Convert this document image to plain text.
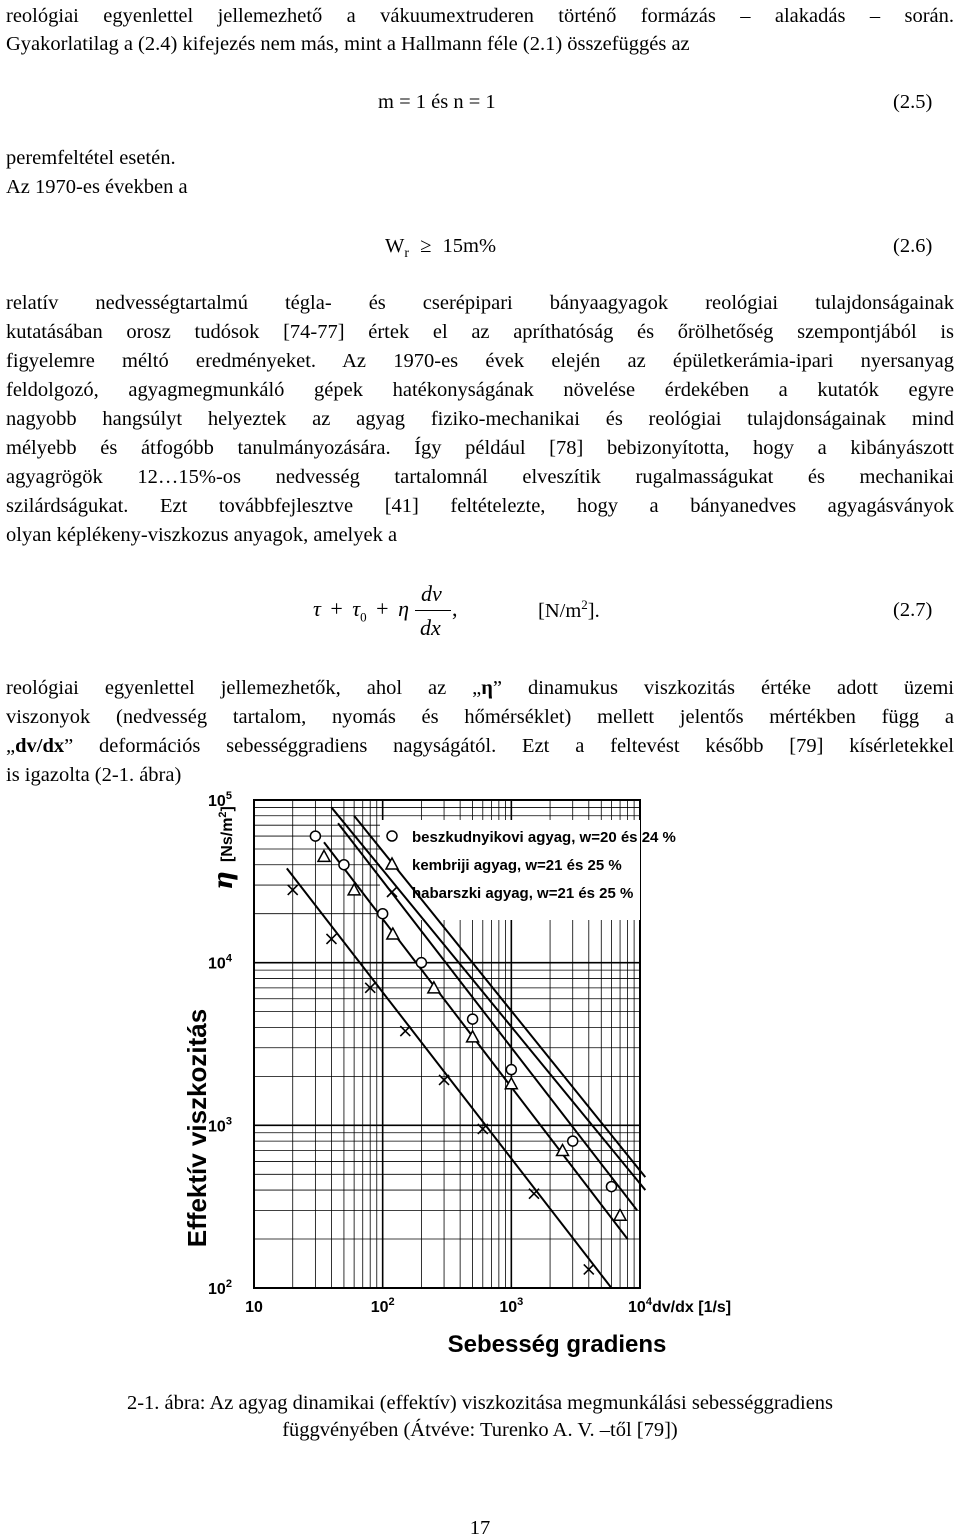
reológiai egyenlettel jellemezhető a vákuumextruderen történő formázás – alakadás – során.
Gyakorlatilag a (2.4) kifejezés nem más, mint a Hallmann féle (2.1) összefüggés az
m = 1 és n = 1	(2.5)
peremfeltétel esetén.
Az 1970-es években a
$W_r \ge 15m\%$	(2.6)
relatív nedvességtartalmú tégla- és cserépipari bányaagyagok reológiai tulajdonságainak
kutatásában orosz tudósok [74-77] értek el az apríthatóság és őrölhetőség szempontjából is
figyelemre méltó eredményeket. Az 1970-es évek elején az épületkerámia-ipari nyersanyag
feldolgozó, agyagmegmunkáló gépek hatékonyságának növelése érdekében a kutatók egyre
nagyobb hangsúlyt helyeztek az agyag fiziko-mechanikai és reológiai tulajdonságainak mind
mélyebb és átfogóbb tanulmányozására. Így például [78] bebizonyította, hogy a kibányászott
agyagrögök 12…15%-os nedvesség tartalomnál elveszítik rugalmasságukat és mechanikai
szilárdságukat. Ezt továbbfejlesztve [41] feltételezte, hogy a bányanedves agyagásványok
olyan képlékeny-viszkozus anyagok, amelyek a
$\tau + \tau_0 + \eta$
dv
dx
,	$[N/m^2]$.	(2.7)
reológiai egyenlettel jellemezhetők, ahol az „η” dinamukus viszkozitás értéke adott üzemi
viszonyok (nedvesség tartalom, nyomás és hőmérséklet) mellett jelentős mértékben függ a
„dv/dx” deformációs sebességgradiens nagyságától. Ezt a feltevést később [79] kísérletekkel
is igazolta (2-1. ábra)
beszkudnyikovi agyag, w=20 és 24 %
kembriji agyag, w=21 és 25 %
habarszki agyag, w=21 és 25 %
10	$10^2$	$10^3$	$10^4$
$10^2$
$10^3$
$10^4$
$10^5$
dv/dx [1/s]
Sebesség gradiens
Effektív viszkozitás
η $[Ns/m^2]$
2-1. ábra: Az agyag dinamikai (effektív) viszkozitása megmunkálási sebességgradiens
függvényében (Átvéve: Turenko A. V. –től [79])
17
